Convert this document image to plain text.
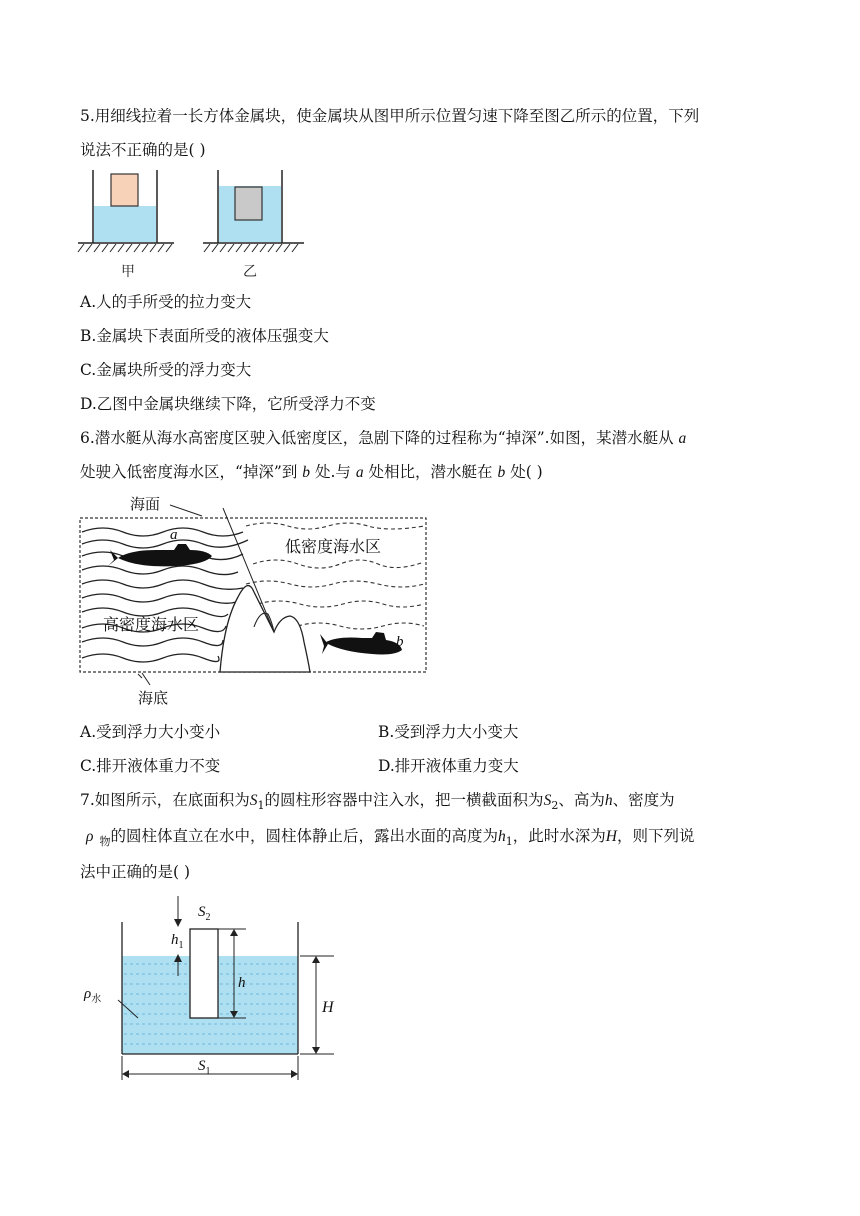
5.用细线拉着一长方体金属块，使金属块从图甲所示位置匀速下降至图乙所示的位置，下列
说法不正确的是( )
甲	乙
A.人的手所受的拉力变大
B.金属块下表面所受的液体压强变大
C.金属块所受的浮力变大
D.乙图中金属块继续下降，它所受浮力不变
6.潜水艇从海水高密度区驶入低密度区，急剧下降的过程称为“掉深”.如图，某潜水艇从 a
处驶入低密度海水区，“掉深”到 b 处.与 a 处相比，潜水艇在 b 处( )
海面
海底
低密度海水区
高密度海水区
a
b
A.受到浮力大小变小	B.受到浮力大小变大
C.排开液体重力不变	D.排开液体重力变大
7.如图所示，在底面积为$S_1$的圆柱形容器中注入水，把一横截面积为$S_2$、高为h、密度为
ρ $_物$的圆柱体直立在水中，圆柱体静止后，露出水面的高度为$h_1$，此时水深为H，则下列说
法中正确的是( )
$S_2$
$h_1$
h
H
$\rho_水$
$S_1$
